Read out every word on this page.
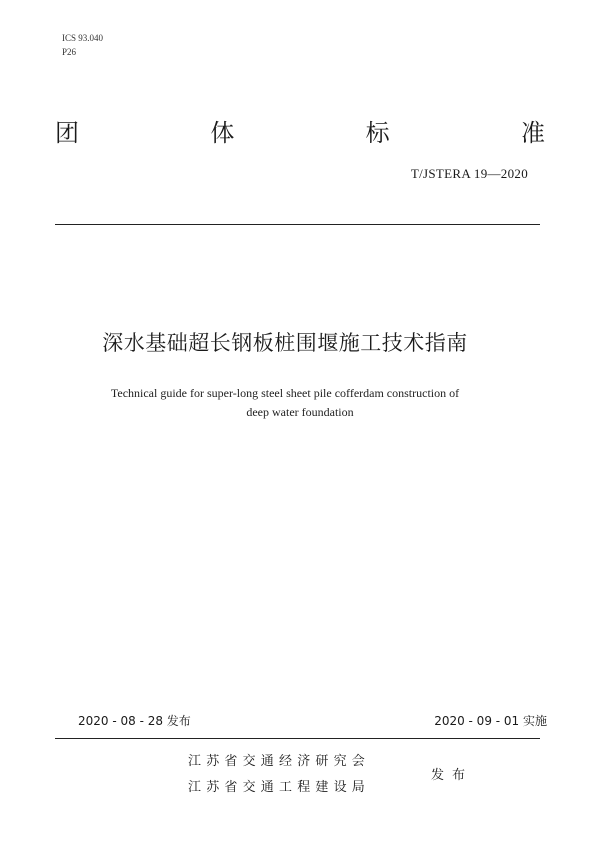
ICS 93.040
P26
团	体	标	准
T/JSTERA 19—2020
深水基础超长钢板桩围堰施工技术指南
Technical guide for super-long steel sheet pile cofferdam construction of
deep water foundation
2020 - 08 - 28 发布	2020 - 09 - 01 实施
江苏省交通经济研究会
江苏省交通工程建设局
发布
